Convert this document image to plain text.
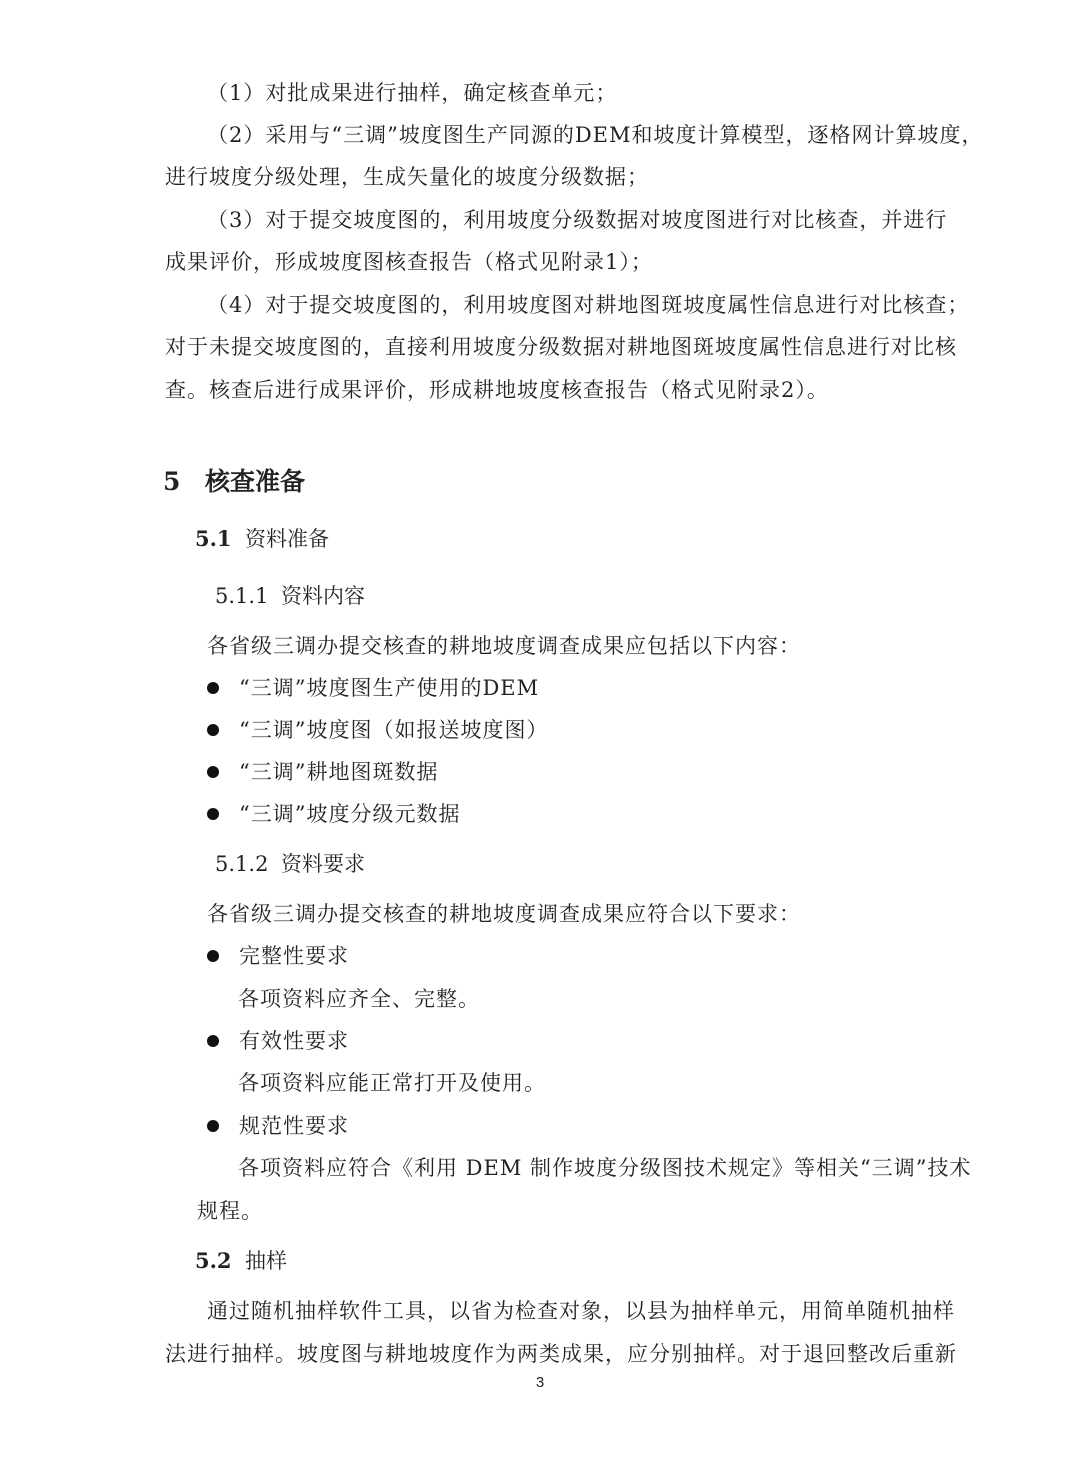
（1）对批成果进行抽样，确定核查单元；
（2）采用与“三调”坡度图生产同源的DEM和坡度计算模型，逐格网计算坡度，
进行坡度分级处理，生成矢量化的坡度分级数据；
（3）对于提交坡度图的，利用坡度分级数据对坡度图进行对比核查，并进行
成果评价，形成坡度图核查报告（格式见附录1）；
（4）对于提交坡度图的，利用坡度图对耕地图斑坡度属性信息进行对比核查；
对于未提交坡度图的，直接利用坡度分级数据对耕地图斑坡度属性信息进行对比核
查。核查后进行成果评价，形成耕地坡度核查报告（格式见附录2）。
5 核查准备
5.1 资料准备
5.1.1 资料内容
各省级三调办提交核查的耕地坡度调查成果应包括以下内容：
“三调”坡度图生产使用的DEM
“三调”坡度图（如报送坡度图）
“三调”耕地图斑数据
“三调”坡度分级元数据
5.1.2 资料要求
各省级三调办提交核查的耕地坡度调查成果应符合以下要求：
完整性要求
各项资料应齐全、完整。
有效性要求
各项资料应能正常打开及使用。
规范性要求
各项资料应符合《利用 DEM 制作坡度分级图技术规定》等相关“三调”技术
规程。
5.2 抽样
通过随机抽样软件工具，以省为检查对象，以县为抽样单元，用简单随机抽样
法进行抽样。坡度图与耕地坡度作为两类成果，应分别抽样。对于退回整改后重新
3
